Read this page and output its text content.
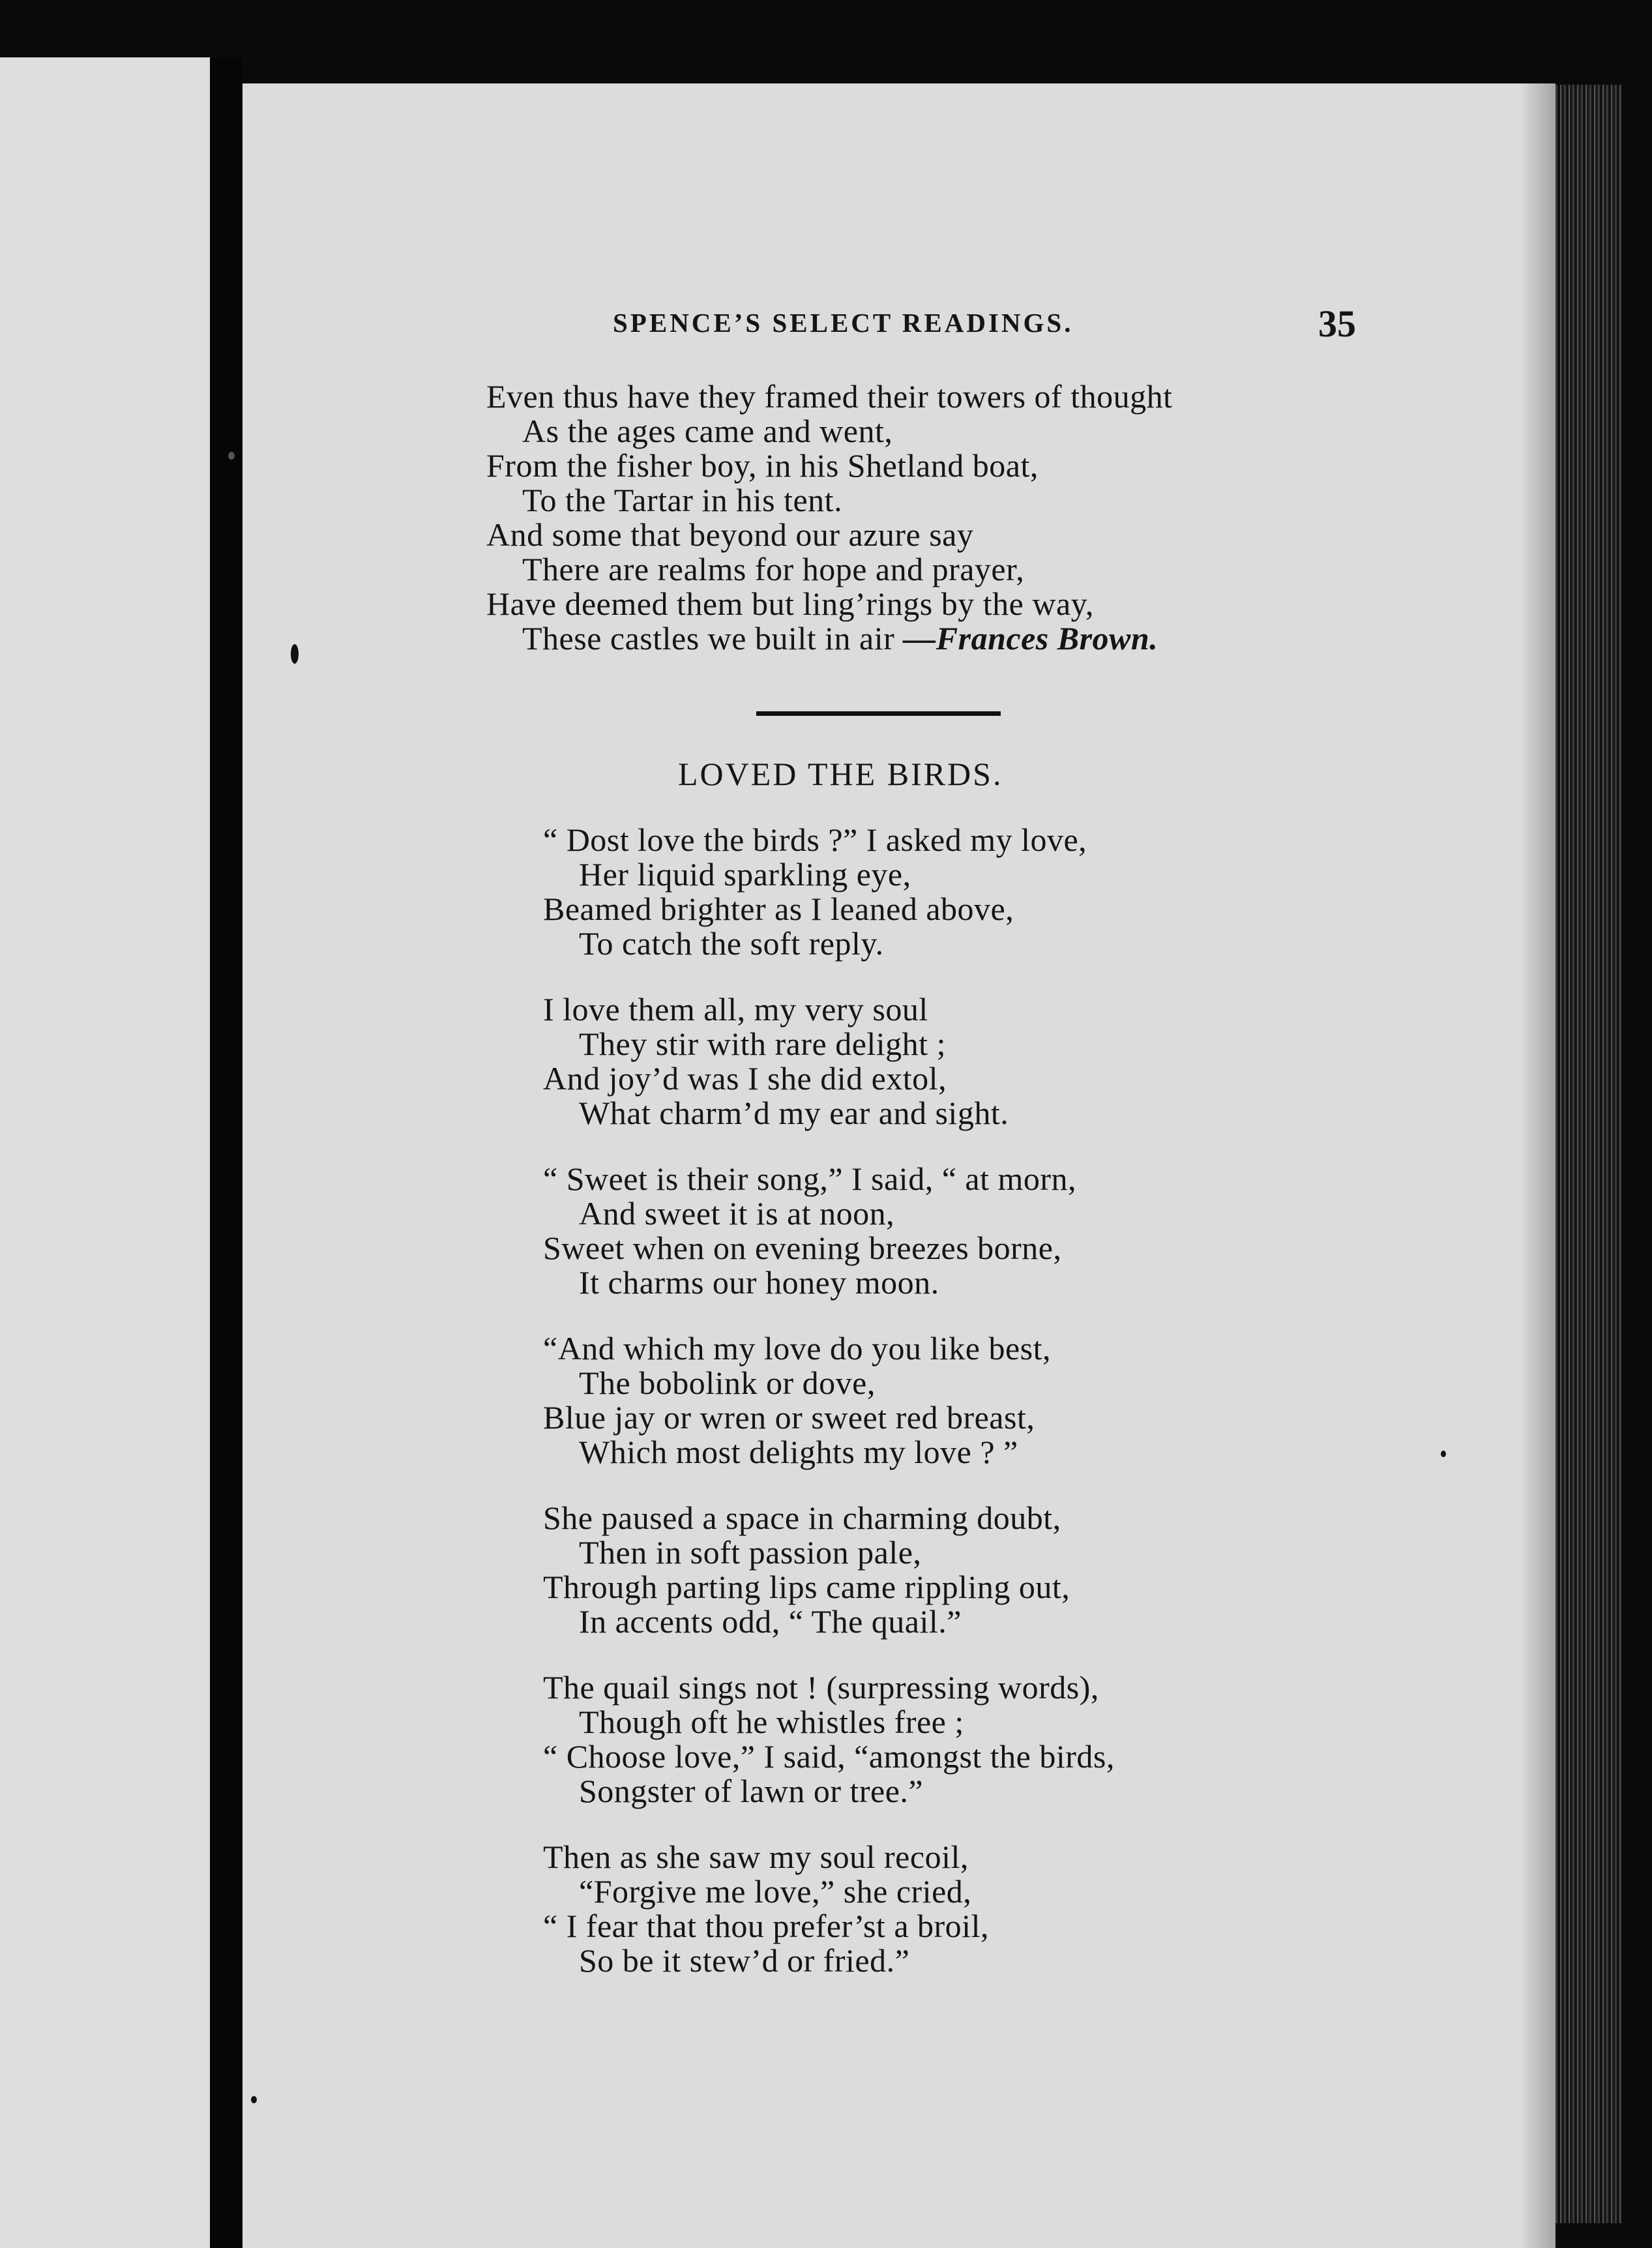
SPENCE’S SELECT READINGS.	35
Even thus have they framed their towers of thought
As the ages came and went,
From the fisher boy, in his Shetland boat,
To the Tartar in his tent.
And some that beyond our azure say
There are realms for hope and prayer,
Have deemed them but ling’rings by the way,
These castles we built in air —Frances Brown.
LOVED THE BIRDS.
“ Dost love the birds ?” I asked my love,
Her liquid sparkling eye,
Beamed brighter as I leaned above,
To catch the soft reply.
I love them all, my very soul
They stir with rare delight ;
And joy’d was I she did extol,
What charm’d my ear and sight.
“ Sweet is their song,” I said, “ at morn,
And sweet it is at noon,
Sweet when on evening breezes borne,
It charms our honey moon.
“And which my love do you like best,
The bobolink or dove,
Blue jay or wren or sweet red breast,
Which most delights my love ? ”
She paused a space in charming doubt,
Then in soft passion pale,
Through parting lips came rippling out,
In accents odd, “ The quail.”
The quail sings not ! (surpressing words),
Though oft he whistles free ;
“ Choose love,” I said, “amongst the birds,
Songster of lawn or tree.”
Then as she saw my soul recoil,
“Forgive me love,” she cried,
“ I fear that thou prefer’st a broil,
So be it stew’d or fried.”
